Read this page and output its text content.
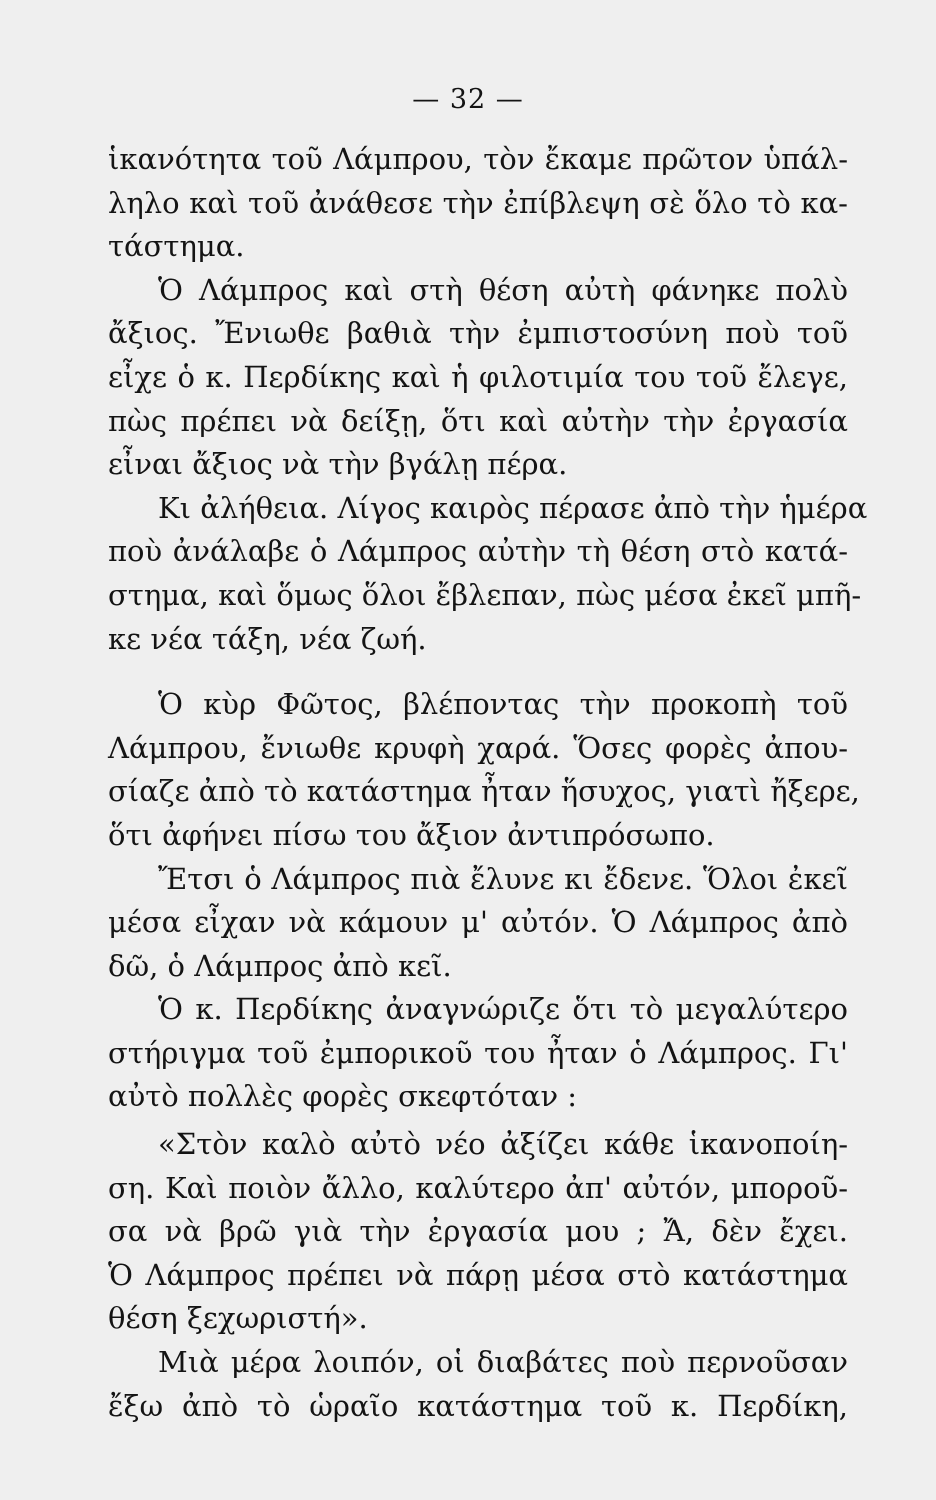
— 32 —
ἱκανότητα τοῦ Λάμπρου, τὸν ἔκαμε πρῶτον ὑπάλ-
ληλο καὶ τοῦ ἀνάθεσε τὴν ἐπίβλεψη σὲ ὅλο τὸ κα-
τάστημα.
Ὁ Λάμπρος καὶ στὴ θέση αὐτὴ φάνηκε πολὺ
ἄξιος. Ἔνιωθε βαθιὰ τὴν ἐμπιστοσύνη ποὺ τοῦ
εἶχε ὁ κ. Περδίκης καὶ ἡ φιλοτιμία του τοῦ ἔλεγε,
πὼς πρέπει νὰ δείξῃ, ὅτι καὶ αὐτὴν τὴν ἐργασία
εἶναι ἄξιος νὰ τὴν βγάλῃ πέρα.
Κι ἀλήθεια. Λίγος καιρὸς πέρασε ἀπὸ τὴν ἡμέρα
ποὺ ἀνάλαβε ὁ Λάμπρος αὐτὴν τὴ θέση στὸ κατά-
στημα, καὶ ὅμως ὅλοι ἔβλεπαν, πὼς μέσα ἐκεῖ μπῆ-
κε νέα τάξη, νέα ζωή.
Ὁ κὺρ Φῶτος, βλέποντας τὴν προκοπὴ τοῦ
Λάμπρου, ἔνιωθε κρυφὴ χαρά. Ὅσες φορὲς ἀπου-
σίαζε ἀπὸ τὸ κατάστημα ἦταν ἥσυχος, γιατὶ ἤξερε,
ὅτι ἀφήνει πίσω του ἄξιον ἀντιπρόσωπο.
Ἔτσι ὁ Λάμπρος πιὰ ἔλυνε κι ἔδενε. Ὅλοι ἐκεῖ
μέσα εἶχαν νὰ κάμουν μ' αὐτόν. Ὁ Λάμπρος ἀπὸ
δῶ, ὁ Λάμπρος ἀπὸ κεῖ.
Ὁ κ. Περδίκης ἀναγνώριζε ὅτι τὸ μεγαλύτερο
στήριγμα τοῦ ἐμπορικοῦ του ἦταν ὁ Λάμπρος. Γι'
αὐτὸ πολλὲς φορὲς σκεφτόταν :
«Στὸν καλὸ αὐτὸ νέο ἀξίζει κάθε ἱκανοποίη-
ση. Καὶ ποιὸν ἄλλο, καλύτερο ἀπ' αὐτόν, μποροῦ-
σα νὰ βρῶ γιὰ τὴν ἐργασία μου ; Ἄ, δὲν ἔχει.
Ὁ Λάμπρος πρέπει νὰ πάρῃ μέσα στὸ κατάστημα
θέση ξεχωριστή».
Μιὰ μέρα λοιπόν, οἱ διαβάτες ποὺ περνοῦσαν
ἔξω ἀπὸ τὸ ὡραῖο κατάστημα τοῦ κ. Περδίκη,
